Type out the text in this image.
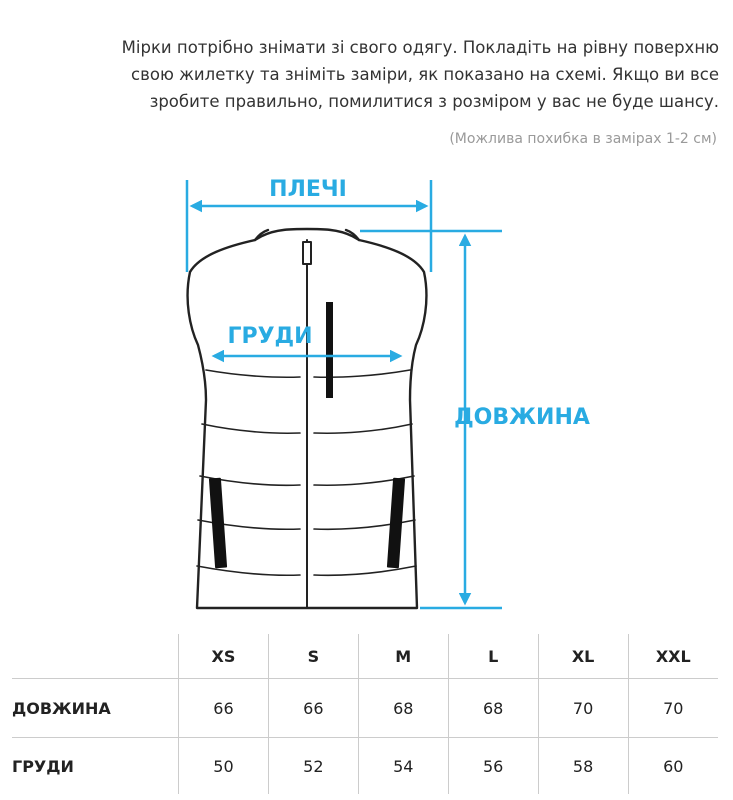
Мірки потрібно знімати зі свого одягу. Покладіть на рівну поверхню
свою жилетку та зніміть заміри, як показано на схемі. Якщо ви все
зробите правильно, помилитися з розміром у вас не буде шансу.
(Можлива похибка в замірах 1-2 см)
ПЛЕЧІ
ГРУДИ
ДОВЖИНА
	XS	S	M	L	XL	XXL
ДОВЖИНА	66	66	68	68	70	70
ГРУДИ	50	52	54	56	58	60
